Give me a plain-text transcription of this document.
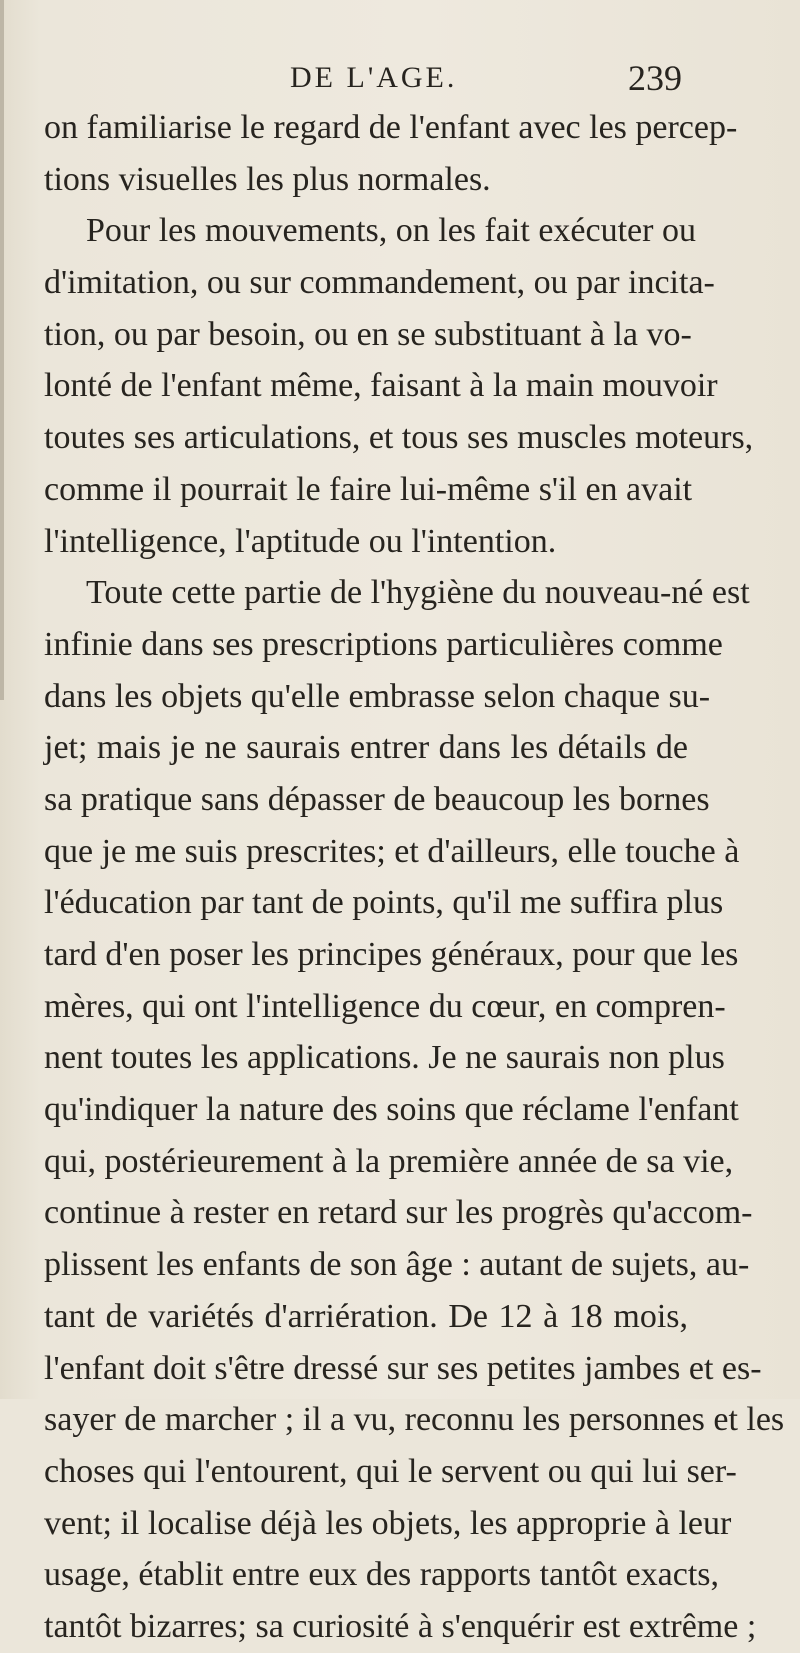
DE L'AGE.	239
on familiarise le regard de l'enfant avec les percep-
tions visuelles les plus normales.
Pour les mouvements, on les fait exécuter ou
d'imitation, ou sur commandement, ou par incita-
tion, ou par besoin, ou en se substituant à la vo-
lonté de l'enfant même, faisant à la main mouvoir
toutes ses articulations, et tous ses muscles moteurs,
comme il pourrait le faire lui-même s'il en avait
l'intelligence, l'aptitude ou l'intention.
Toute cette partie de l'hygiène du nouveau-né est
infinie dans ses prescriptions particulières comme
dans les objets qu'elle embrasse selon chaque su-
jet; mais je ne saurais entrer dans les détails de
sa pratique sans dépasser de beaucoup les bornes
que je me suis prescrites; et d'ailleurs, elle touche à
l'éducation par tant de points, qu'il me suffira plus
tard d'en poser les principes généraux, pour que les
mères, qui ont l'intelligence du cœur, en compren-
nent toutes les applications. Je ne saurais non plus
qu'indiquer la nature des soins que réclame l'enfant
qui, postérieurement à la première année de sa vie,
continue à rester en retard sur les progrès qu'accom-
plissent les enfants de son âge : autant de sujets, au-
tant de variétés d'arriération. De 12 à 18 mois,
l'enfant doit s'être dressé sur ses petites jambes et es-
sayer de marcher ; il a vu, reconnu les personnes et les
choses qui l'entourent, qui le servent ou qui lui ser-
vent; il localise déjà les objets, les approprie à leur
usage, établit entre eux des rapports tantôt exacts,
tantôt bizarres; sa curiosité à s'enquérir est extrême ;
